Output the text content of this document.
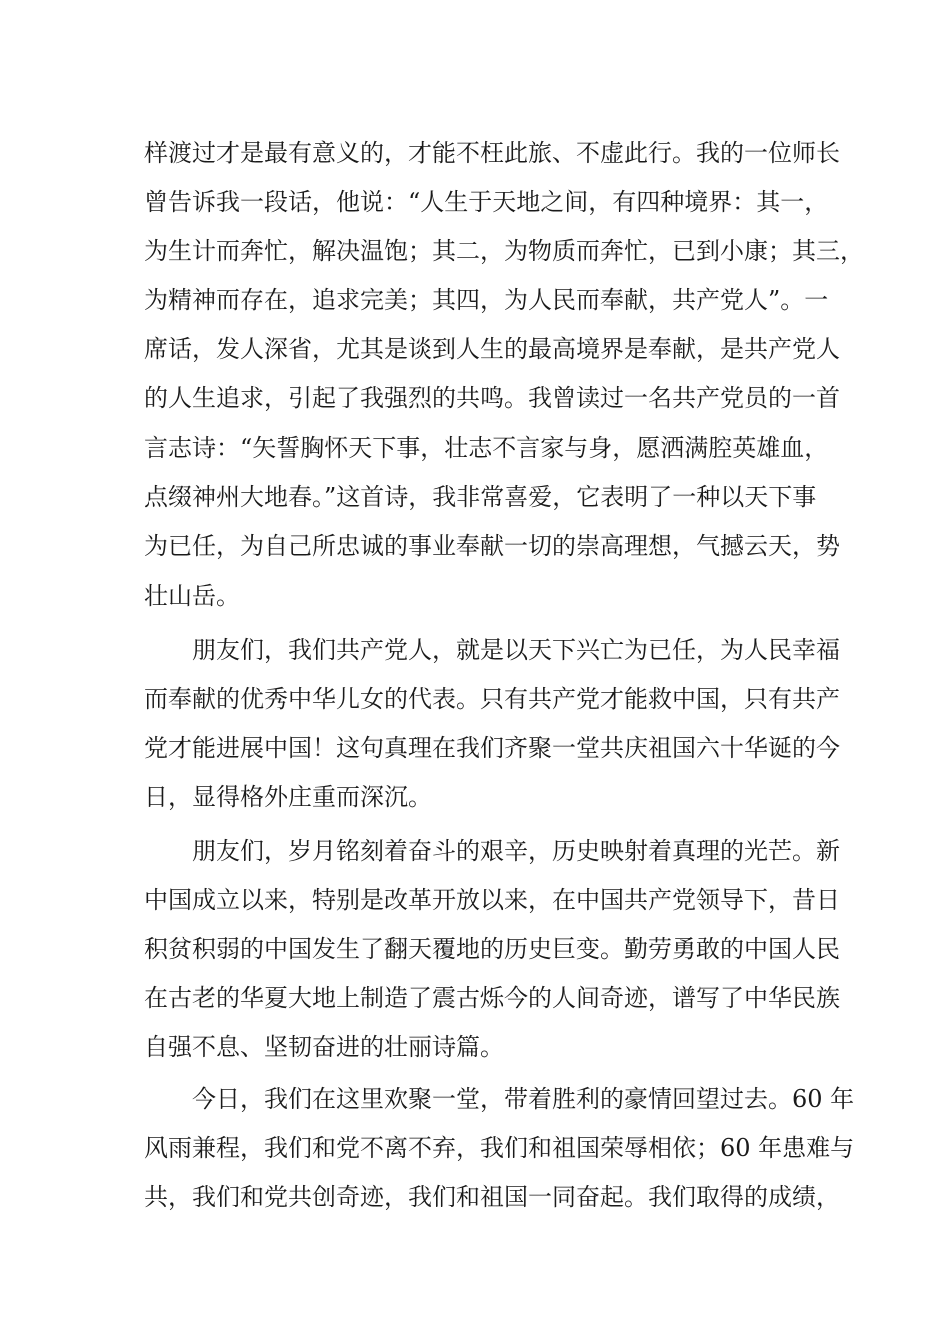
样渡过才是最有意义的，才能不枉此旅、不虚此行。我的一位师长
曾告诉我一段话，他说：“人生于天地之间，有四种境界：其一，
为生计而奔忙，解决温饱；其二，为物质而奔忙，已到小康；其三，
为精神而存在，追求完美；其四，为人民而奉献，共产党人”。一
席话，发人深省，尤其是谈到人生的最高境界是奉献，是共产党人
的人生追求，引起了我强烈的共鸣。我曾读过一名共产党员的一首
言志诗：“矢誓胸怀天下事，壮志不言家与身，愿洒满腔英雄血，
点缀神州大地春。”这首诗，我非常喜爱，它表明了一种以天下事
为已任，为自己所忠诚的事业奉献一切的崇高理想，气撼云天，势
壮山岳。
朋友们，我们共产党人，就是以天下兴亡为已任，为人民幸福
而奉献的优秀中华儿女的代表。只有共产党才能救中国，只有共产
党才能进展中国！这句真理在我们齐聚一堂共庆祖国六十华诞的今
日，显得格外庄重而深沉。
朋友们，岁月铭刻着奋斗的艰辛，历史映射着真理的光芒。新
中国成立以来，特别是改革开放以来，在中国共产党领导下，昔日
积贫积弱的中国发生了翻天覆地的历史巨变。勤劳勇敢的中国人民
在古老的华夏大地上制造了震古烁今的人间奇迹，谱写了中华民族
自强不息、坚韧奋进的壮丽诗篇。
今日，我们在这里欢聚一堂，带着胜利的豪情回望过去。60 年
风雨兼程，我们和党不离不弃，我们和祖国荣辱相依；60 年患难与
共，我们和党共创奇迹，我们和祖国一同奋起。我们取得的成绩，
